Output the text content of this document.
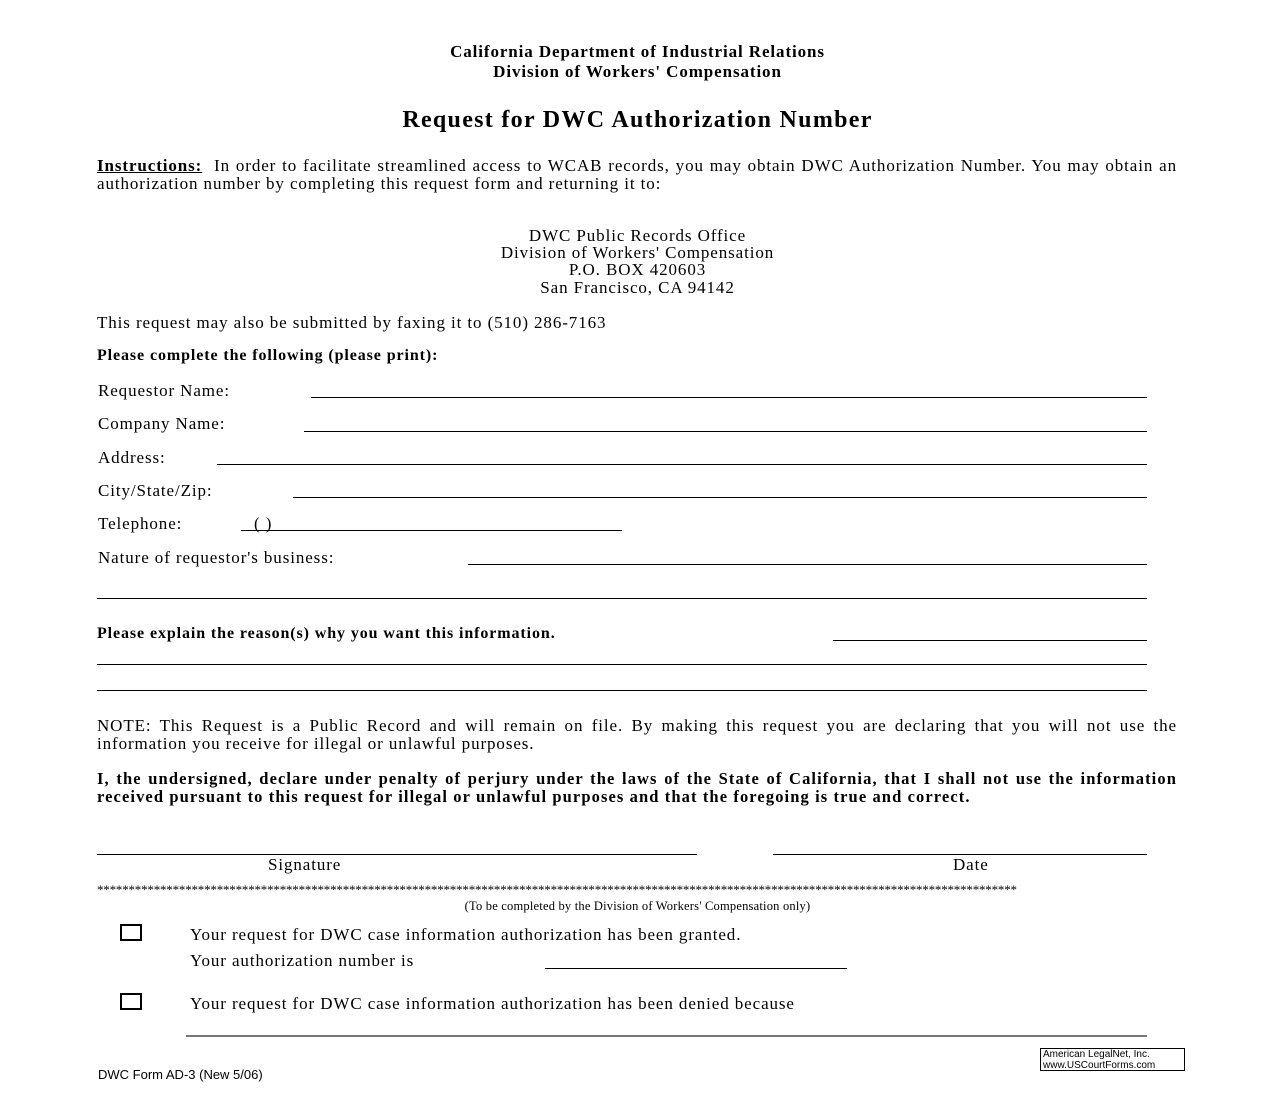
California Department of Industrial Relations
Division of Workers' Compensation
Request for DWC Authorization Number
Instructions: In order to facilitate streamlined access to WCAB records, you may obtain DWC Authorization Number. You may obtain an authorization number by completing this request form and returning it to:
DWC Public Records Office
Division of Workers' Compensation
P.O. BOX 420603
San Francisco, CA 94142
This request may also be submitted by faxing it to (510) 286-7163
Please complete the following (please print):
Requestor Name:
Company Name:
Address:
City/State/Zip:
Telephone:	( )
Nature of requestor's business:
Please explain the reason(s) why you want this information.
NOTE: This Request is a Public Record and will remain on file. By making this request you are declaring that you will not use the information you receive for illegal or unlawful purposes.
I, the undersigned, declare under penalty of perjury under the laws of the State of California, that I shall not use the information received pursuant to this request for illegal or unlawful purposes and that the foregoing is true and correct.
Signature	Date
**************************************************************************************************************************************************
(To be completed by the Division of Workers' Compensation only)
Your request for DWC case information authorization has been granted.
Your authorization number is
Your request for DWC case information authorization has been denied because
DWC Form AD-3 (New 5/06)
American LegalNet, Inc.
www.USCourtForms.com
